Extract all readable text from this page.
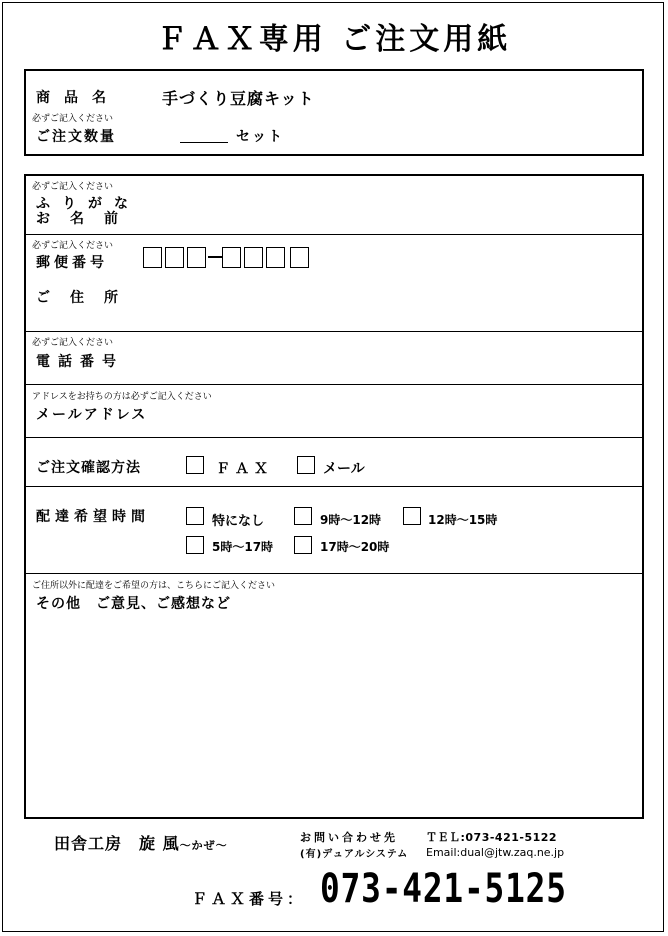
ＦＡＸ専用 ご注文用紙
商品名	手づくり豆腐キット
必ずご記入ください
ご注文数量	セット
必ずご記入ください
ふりがな
お名前
必ずご記入ください
郵便番号
ご住所
必ずご記入ください
電話番号
アドレスをお持ちの方は必ずご記入ください
メールアドレス
ご注文確認方法	ＦＡＸ	メール
配達希望時間	特になし	9時〜12時	12時〜15時
5時〜17時	17時〜20時
ご住所以外に配達をご希望の方は、こちらにご記入ください
その他　ご意見、ご感想など
田舎工房　旋 風〜かぜ〜
お問い合わせ先	ＴＥＬ:073-421-5122
(有)デュアルシステム Email:dual@jtw.zaq.ne.jp
ＦＡＸ番号： 073-421-5125
